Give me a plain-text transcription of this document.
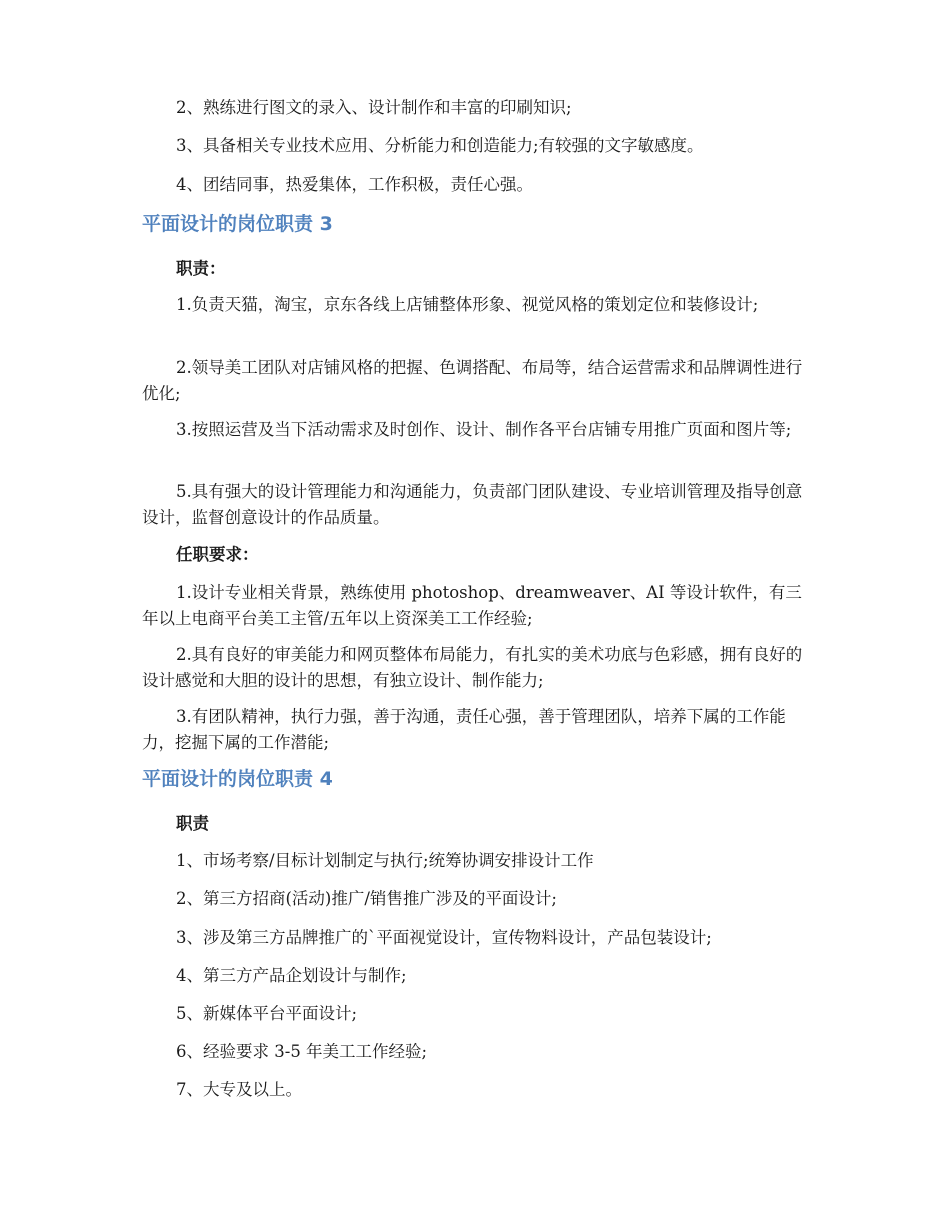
2、熟练进行图文的录入、设计制作和丰富的印刷知识;

3、具备相关专业技术应用、分析能力和创造能力;有较强的文字敏感度。

4、团结同事，热爱集体，工作积极，责任心强。

平面设计的岗位职责 3

职责：

1.负责天猫，淘宝，京东各线上店铺整体形象、视觉风格的策划定位和装修设计;

2.领导美工团队对店铺风格的把握、色调搭配、布局等，结合运营需求和品牌调性进行优化;

3.按照运营及当下活动需求及时创作、设计、制作各平台店铺专用推广页面和图片等;

5.具有强大的设计管理能力和沟通能力，负责部门团队建设、专业培训管理及指导创意设计，监督创意设计的作品质量。

任职要求：

1.设计专业相关背景，熟练使用 photoshop、dreamweaver、AI 等设计软件，有三年以上电商平台美工主管/五年以上资深美工工作经验;

2.具有良好的审美能力和网页整体布局能力，有扎实的美术功底与色彩感，拥有良好的设计感觉和大胆的设计的思想，有独立设计、制作能力;

3.有团队精神，执行力强，善于沟通，责任心强，善于管理团队，培养下属的工作能力，挖掘下属的工作潜能;

平面设计的岗位职责 4

职责

1、市场考察/目标计划制定与执行;统筹协调安排设计工作

2、第三方招商(活动)推广/销售推广涉及的平面设计;

3、涉及第三方品牌推广的`平面视觉设计，宣传物料设计，产品包装设计;

4、第三方产品企划设计与制作;

5、新媒体平台平面设计;

6、经验要求 3-5 年美工工作经验;

7、大专及以上。
